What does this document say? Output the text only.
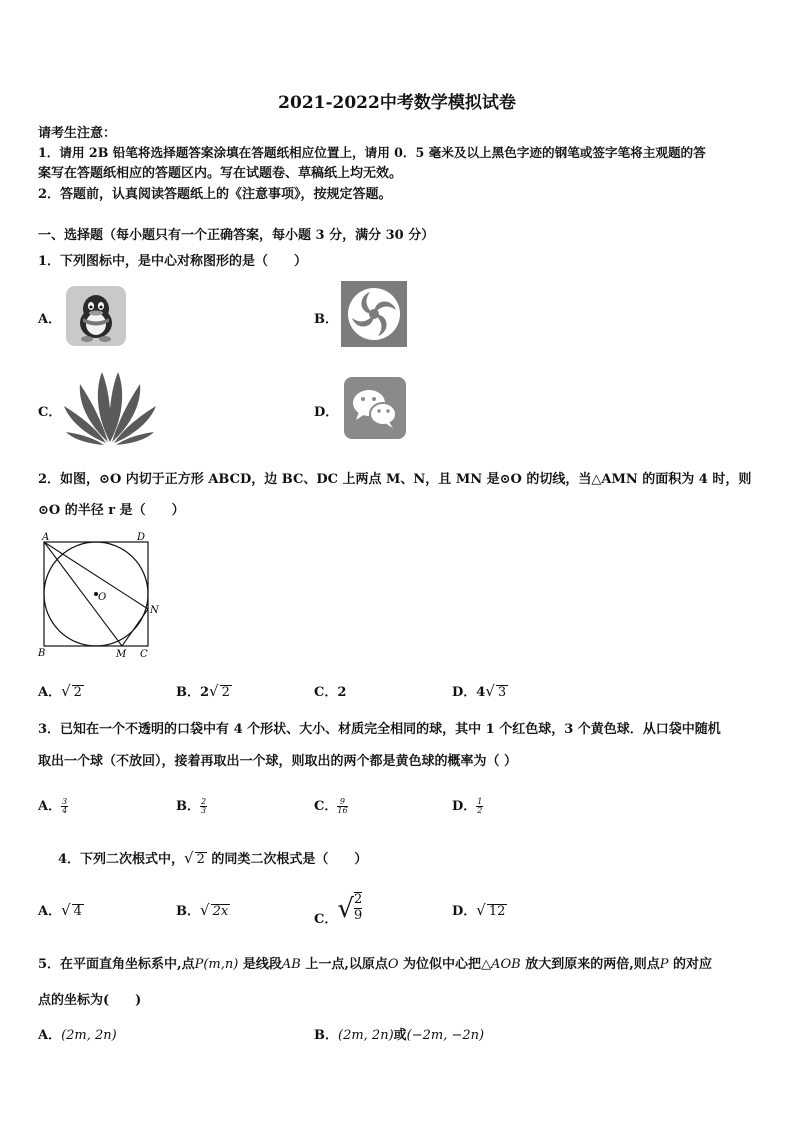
2021-2022中考数学模拟试卷
请考生注意：
1．请用 2B 铅笔将选择题答案涂填在答题纸相应位置上，请用 0．5 毫米及以上黑色字迹的钢笔或签字笔将主观题的答
案写在答题纸相应的答题区内。写在试题卷、草稿纸上均无效。
2．答题前，认真阅读答题纸上的《注意事项》，按规定答题。
一、选择题（每小题只有一个正确答案，每小题 3 分，满分 30 分）
1．下列图标中，是中心对称图形的是（　　）
A．	B．
C．	D．
2．如图，⊙O 内切于正方形 ABCD，边 BC、DC 上两点 M、N，且 MN 是⊙O 的切线，当△AMN 的面积为 4 时，则
⊙O 的半径 r 是（　　）
A	D
O
N
B	M C
A．√ 2	B．2√ 2	C．2	D．4√ 3
3．已知在一个不透明的口袋中有 4 个形状、大小、材质完全相同的球，其中 1 个红色球，3 个黄色球．从口袋中随机
取出一个球（不放回），接着再取出一个球，则取出的两个都是黄色球的概率为（ ）
A． $\frac{3}{4}$	B． $\frac{2}{3}$	C． $\frac{9}{16}$	D． $\frac{1}{2}$
4．下列二次根式中，√ 2 的同类二次根式是（　　）
A．√ 4	B．√ 2x
C．√ $\frac{2}{9}$	D．√ 12
5．在平面直角坐标系中,点P(m,n) 是线段AB 上一点,以原点O 为位似中心把△AOB 放大到原来的两倍,则点P 的对应
点的坐标为(　　)
A．(2m, 2n)	B．(2m, 2n)或(−2m, −2n)
